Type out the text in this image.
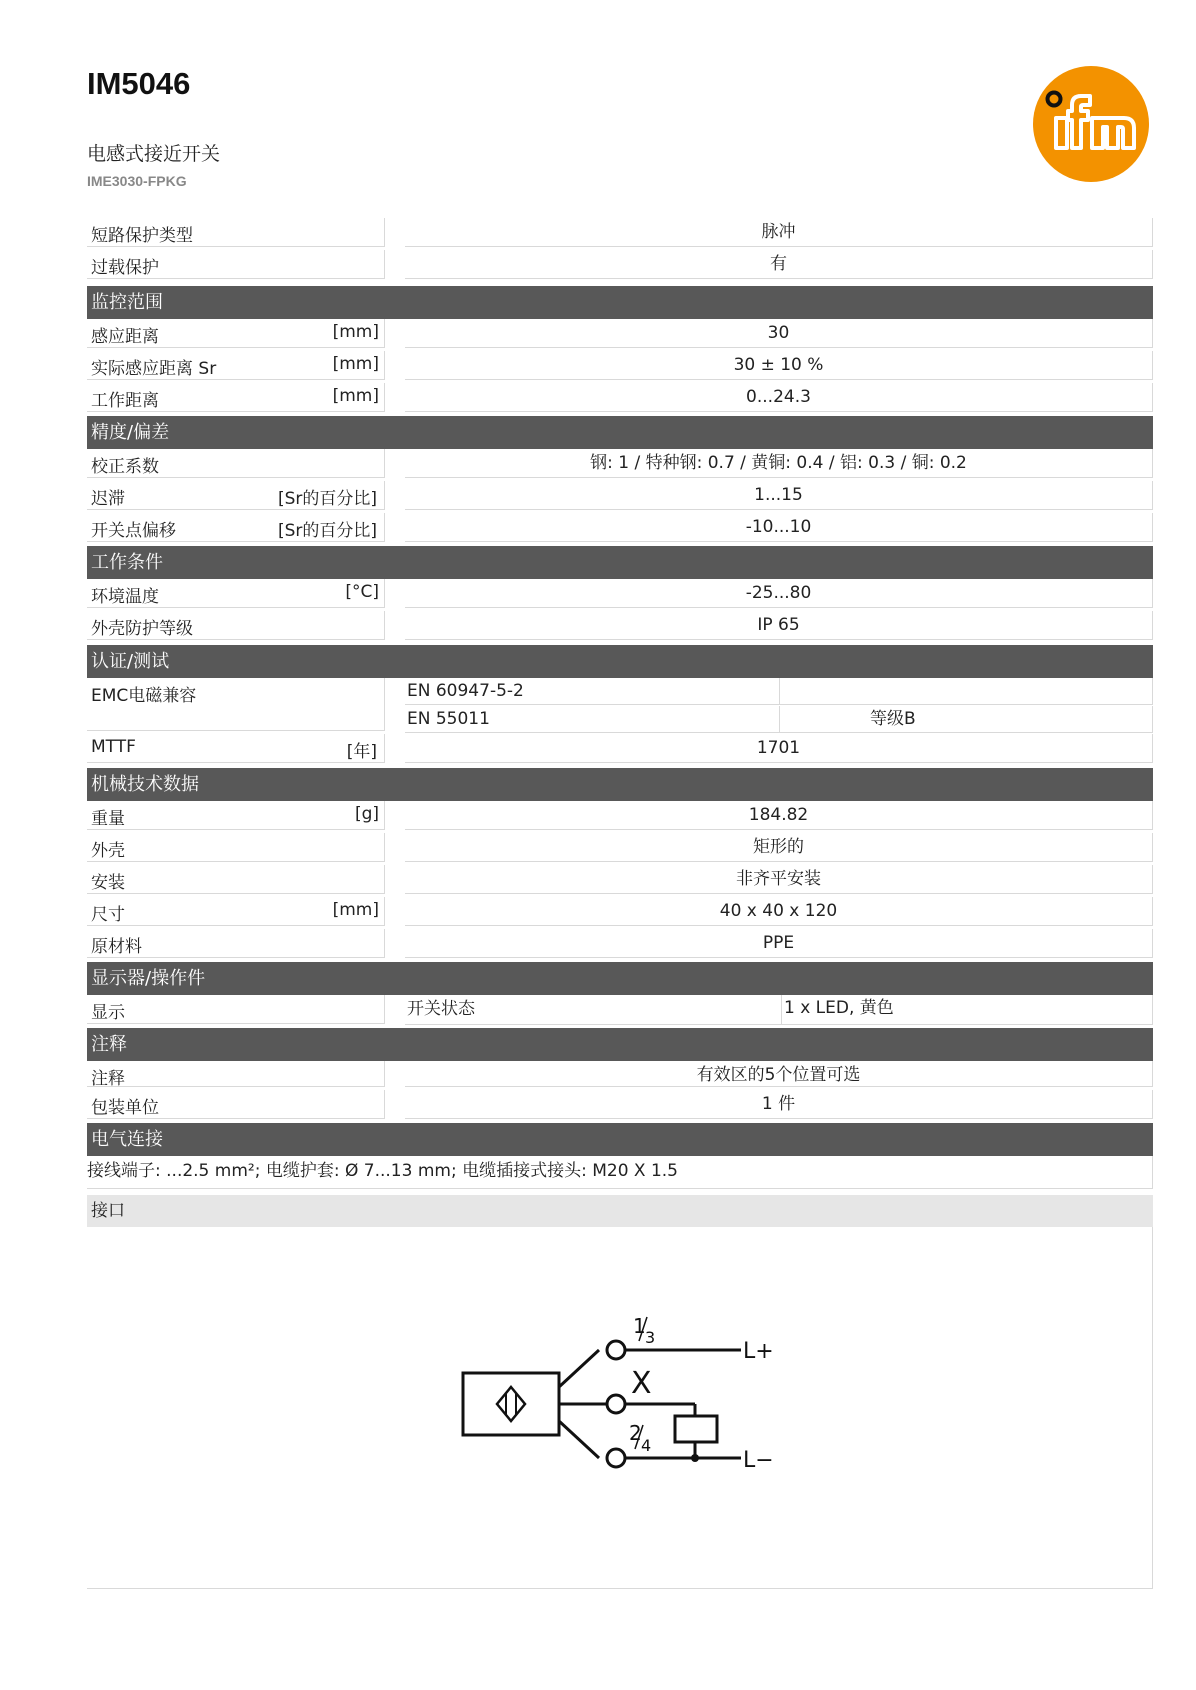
IM5046
电感式接近开关
IME3030-FPKG
短路保护类型	脉冲
过载保护	有
监控范围
感应距离	[mm]	30
实际感应距离 Sr	[mm]	30 ± 10 %
工作距离	[mm]	0...24.3
精度/偏差
校正系数	钢: 1 / 特种钢: 0.7 / 黄铜: 0.4 / 铝: 0.3 / 铜: 0.2
迟滞	[Sr的百分比]	1...15
开关点偏移	[Sr的百分比]	-10...10
工作条件
环境温度	[°C]	-25...80
外壳防护等级	IP 65
认证/测试
EMC电磁兼容	EN 60947-5-2
EN 55011	等级B
MTTF	[年]	1701
机械技术数据
重量	[g]	184.82
外壳	矩形的
安装	非齐平安装
尺寸	[mm]	40 x 40 x 120
原材料	PPE
显示器/操作件
显示	开关状态	1 x LED, 黄色
注释
注释	有效区的5个位置可选
包装单位	1 件
电气连接
接线端子: ...2.5 mm²; 电缆护套: Ø 7...13 mm; 电缆插接式接头: M20 X 1.5
接口
1 3
X
2
4
L+
L−
